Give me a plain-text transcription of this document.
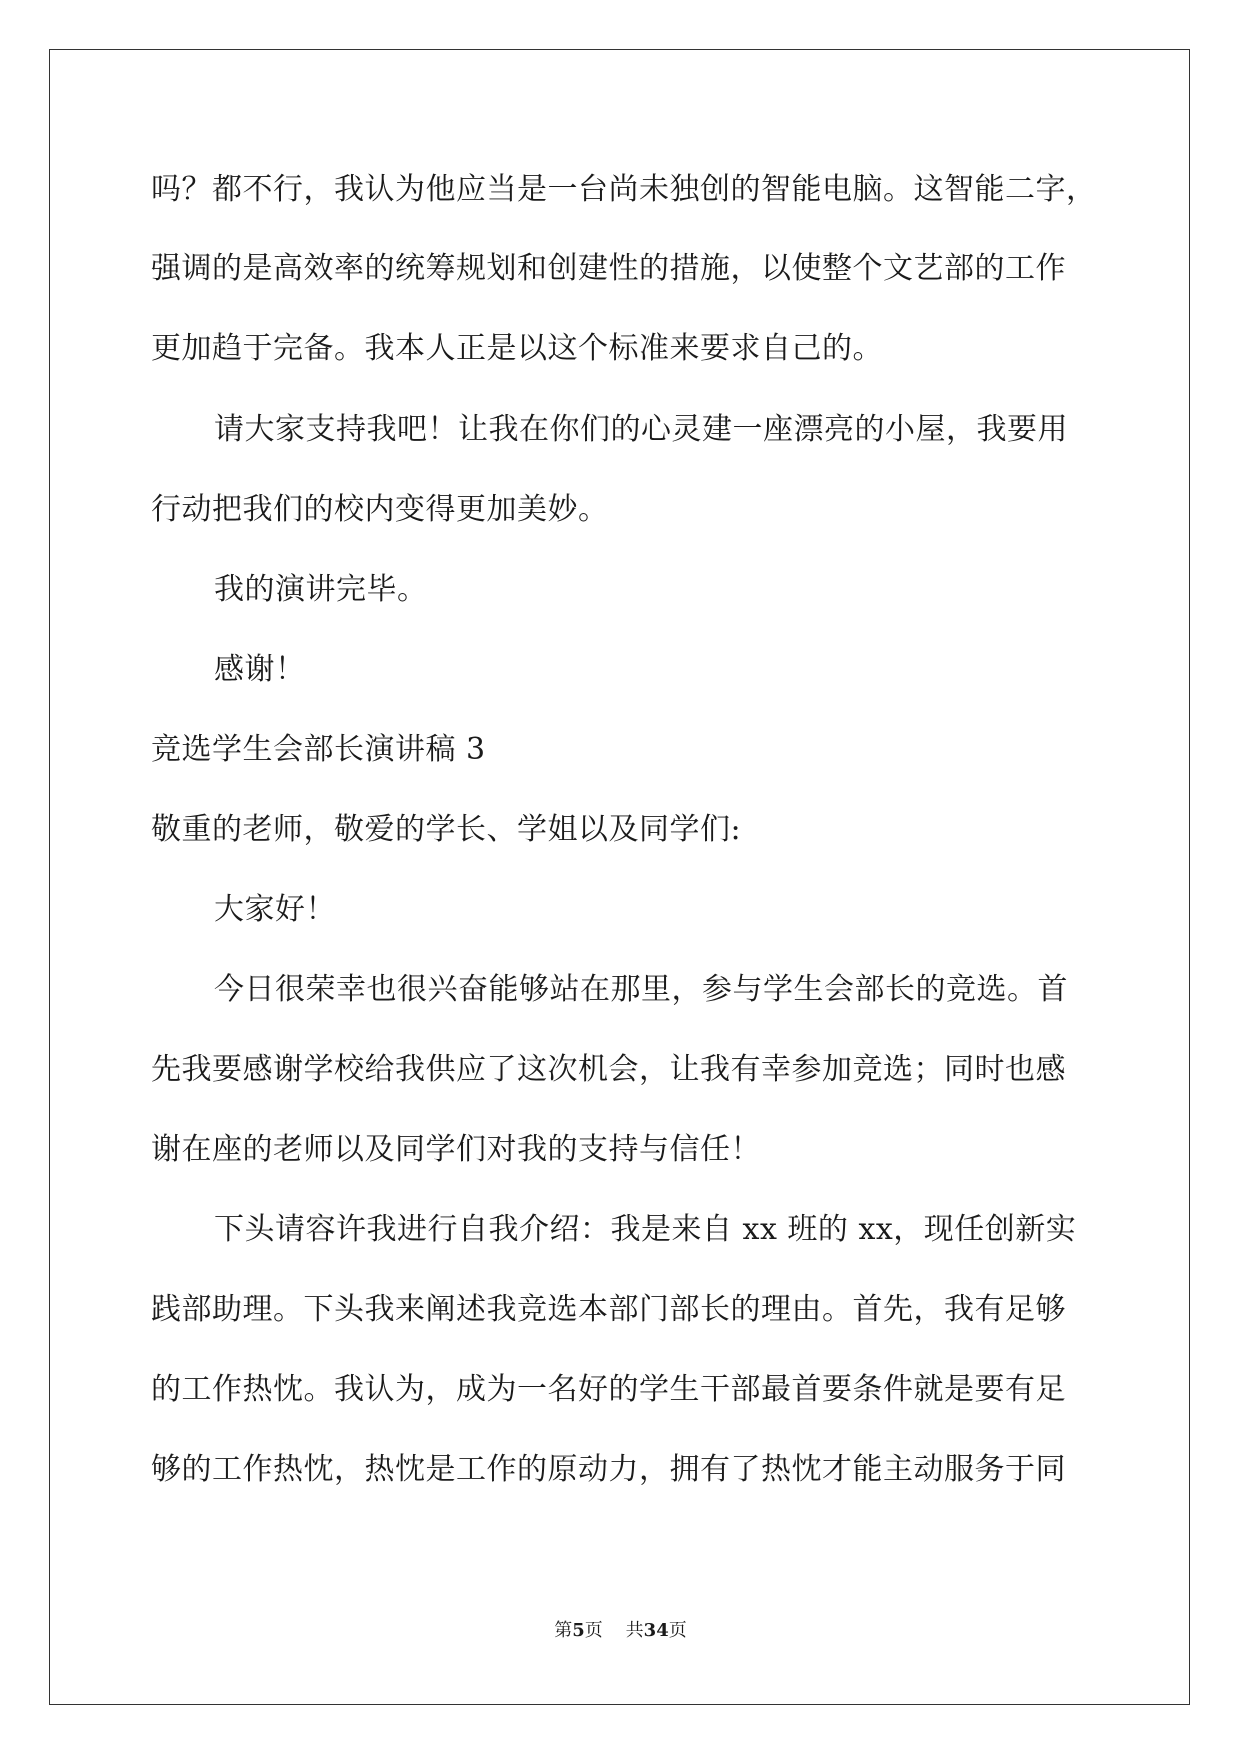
吗？都不行，我认为他应当是一台尚未独创的智能电脑。这智能二字，
强调的是高效率的统筹规划和创建性的措施，以使整个文艺部的工作
更加趋于完备。我本人正是以这个标准来要求自己的。
请大家支持我吧！让我在你们的心灵建一座漂亮的小屋，我要用
行动把我们的校内变得更加美妙。
我的演讲完毕。
感谢！
竞选学生会部长演讲稿 3
敬重的老师，敬爱的学长、学姐以及同学们:
大家好！
今日很荣幸也很兴奋能够站在那里，参与学生会部长的竞选。首
先我要感谢学校给我供应了这次机会，让我有幸参加竞选；同时也感
谢在座的老师以及同学们对我的支持与信任！
下头请容许我进行自我介绍：我是来自 xx 班的 xx，现任创新实
践部助理。下头我来阐述我竞选本部门部长的理由。首先，我有足够
的工作热忱。我认为，成为一名好的学生干部最首要条件就是要有足
够的工作热忱，热忱是工作的原动力，拥有了热忱才能主动服务于同
第5页 共34页
